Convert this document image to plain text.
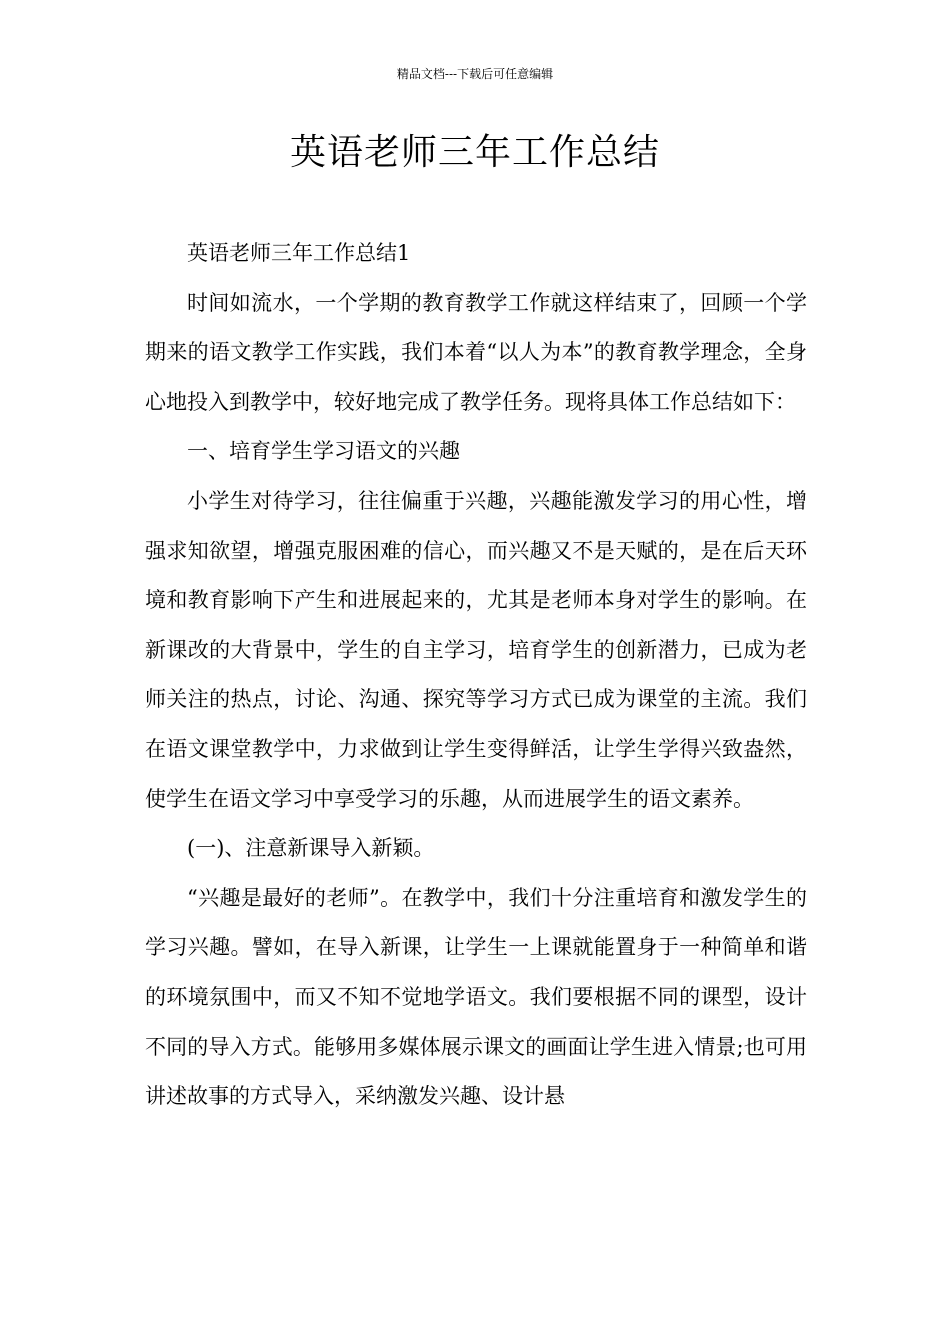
精品文档---下载后可任意编辑
英语老师三年工作总结

英语老师三年工作总结1

时间如流水，一个学期的教育教学工作就这样结束了，回顾一个学期来的语文教学工作实践，我们本着“以人为本”的教育教学理念，全身心地投入到教学中，较好地完成了教学任务。现将具体工作总结如下：

一、培育学生学习语文的兴趣

小学生对待学习，往往偏重于兴趣，兴趣能激发学习的用心性，增强求知欲望，增强克服困难的信心，而兴趣又不是天赋的，是在后天环境和教育影响下产生和进展起来的，尤其是老师本身对学生的影响。在新课改的大背景中，学生的自主学习，培育学生的创新潜力，已成为老师关注的热点，讨论、沟通、探究等学习方式已成为课堂的主流。我们在语文课堂教学中，力求做到让学生变得鲜活，让学生学得兴致盎然，使学生在语文学习中享受学习的乐趣，从而进展学生的语文素养。

(一)、注意新课导入新颖。

“兴趣是最好的老师”。在教学中，我们十分注重培育和激发学生的学习兴趣。譬如，在导入新课，让学生一上课就能置身于一种简单和谐的环境氛围中，而又不知不觉地学语文。我们要根据不同的课型，设计不同的导入方式。能够用多媒体展示课文的画面让学生进入情景;也可用讲述故事的方式导入，采纳激发兴趣、设计悬
